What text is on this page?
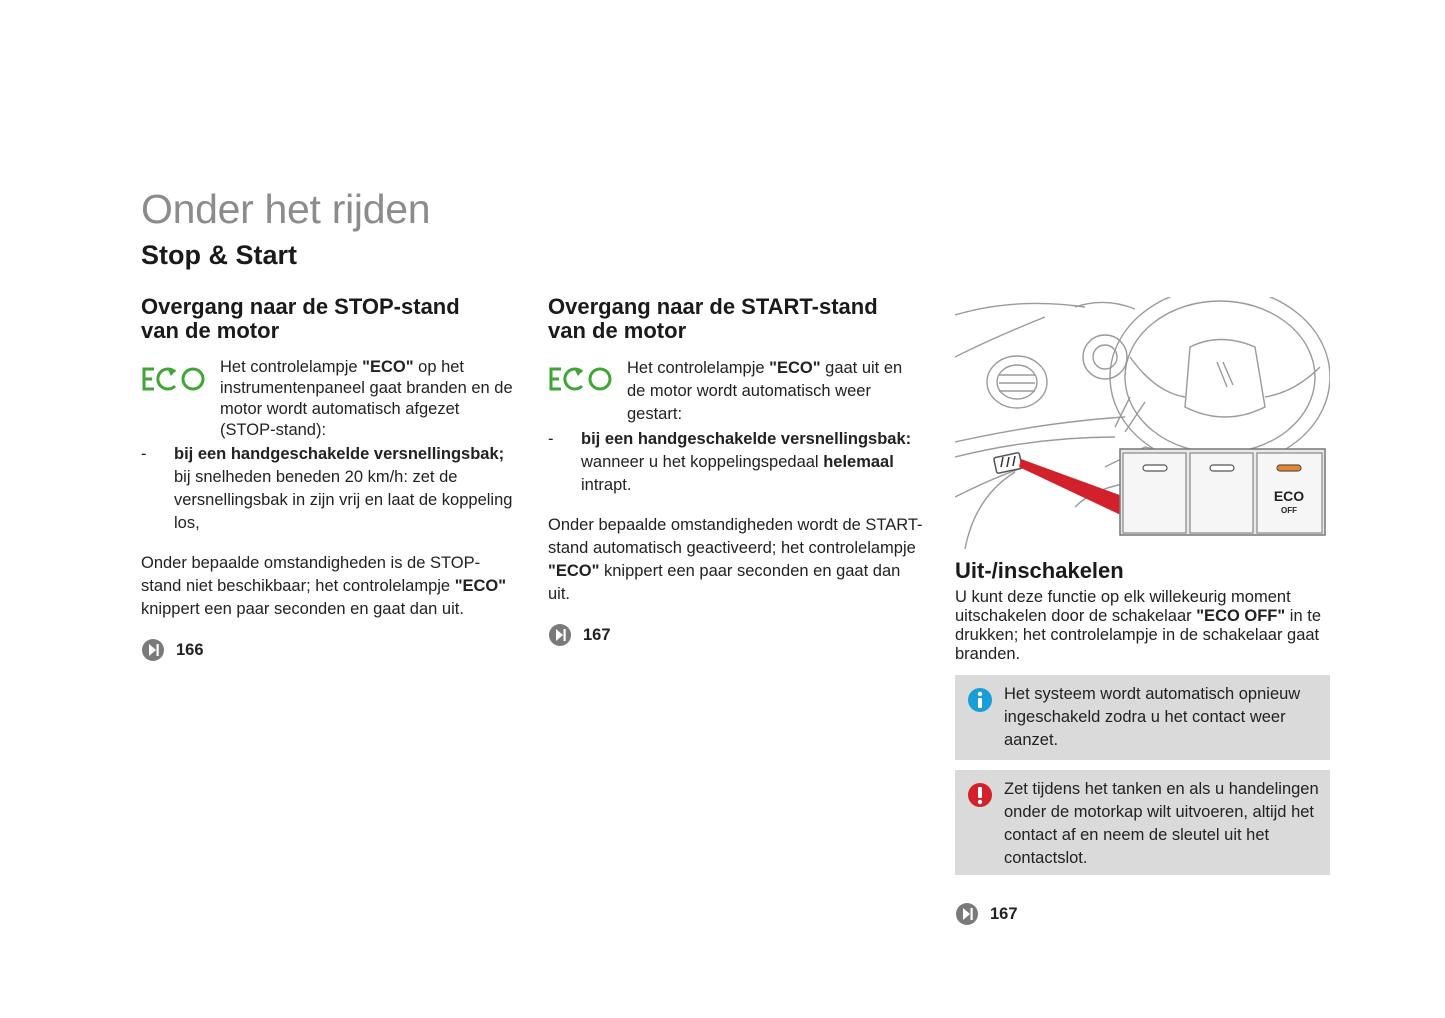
Onder het rijden
Stop & Start
Overgang naar de STOP-stand
van de motor
Het controlelampje "ECO" op het instrumentenpaneel gaat branden en de motor wordt automatisch afgezet (STOP-stand):
- bij een handgeschakelde versnellingsbak; bij snelheden beneden 20 km/h: zet de versnellingsbak in zijn vrij en laat de koppeling los,
Onder bepaalde omstandigheden is de STOP-stand niet beschikbaar; het controlelampje "ECO" knippert een paar seconden en gaat dan uit.
166
Overgang naar de START-stand
van de motor
Het controlelampje "ECO" gaat uit en de motor wordt automatisch weer gestart:
- bij een handgeschakelde versnellingsbak: wanneer u het koppelingspedaal helemaal intrapt.
Onder bepaalde omstandigheden wordt de START-stand automatisch geactiveerd; het controlelampje "ECO" knippert een paar seconden en gaat dan uit.
167
ECO
OFF
Uit-/inschakelen
U kunt deze functie op elk willekeurig moment uitschakelen door de schakelaar "ECO OFF" in te drukken; het controlelampje in de schakelaar gaat branden.
Het systeem wordt automatisch opnieuw ingeschakeld zodra u het contact weer aanzet.
Zet tijdens het tanken en als u handelingen onder de motorkap wilt uitvoeren, altijd het contact af en neem de sleutel uit het contactslot.
167
